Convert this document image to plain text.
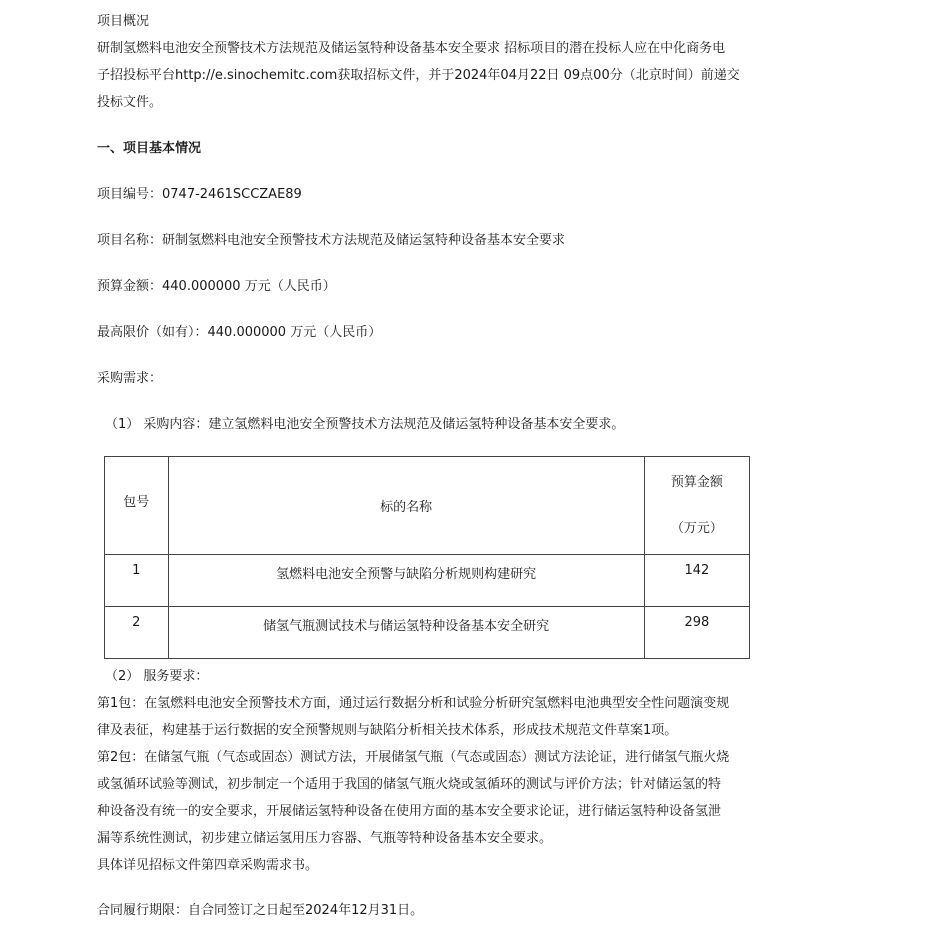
项目概况

研制氢燃料电池安全预警技术方法规范及储运氢特种设备基本安全要求 招标项目的潜在投标人应在中化商务电

子招投标平台http://e.sinochemitc.com获取招标文件，并于2024年04月22日 09点00分（北京时间）前递交

投标文件。

一、项目基本情况

项目编号：0747-2461SCCZAE89

项目名称：研制氢燃料电池安全预警技术方法规范及储运氢特种设备基本安全要求

预算金额：440.000000 万元（人民币）

最高限价（如有）：440.000000 万元（人民币）

采购需求：

（1） 采购内容：建立氢燃料电池安全预警技术方法规范及储运氢特种设备基本安全要求。

包号	标的名称	预算金额
（万元）

1	氢燃料电池安全预警与缺陷分析规则构建研究	142
2	储氢气瓶测试技术与储运氢特种设备基本安全研究	298

（2） 服务要求：

第1包：在氢燃料电池安全预警技术方面，通过运行数据分析和试验分析研究氢燃料电池典型安全性问题演变规

律及表征，构建基于运行数据的安全预警规则与缺陷分析相关技术体系，形成技术规范文件草案1项。

第2包：在储氢气瓶（气态或固态）测试方法，开展储氢气瓶（气态或固态）测试方法论证，进行储氢气瓶火烧

或氢循环试验等测试，初步制定一个适用于我国的储氢气瓶火烧或氢循环的测试与评价方法；针对储运氢的特

种设备没有统一的安全要求，开展储运氢特种设备在使用方面的基本安全要求论证，进行储运氢特种设备氢泄

漏等系统性测试，初步建立储运氢用压力容器、气瓶等特种设备基本安全要求。

具体详见招标文件第四章采购需求书。

合同履行期限：自合同签订之日起至2024年12月31日。
